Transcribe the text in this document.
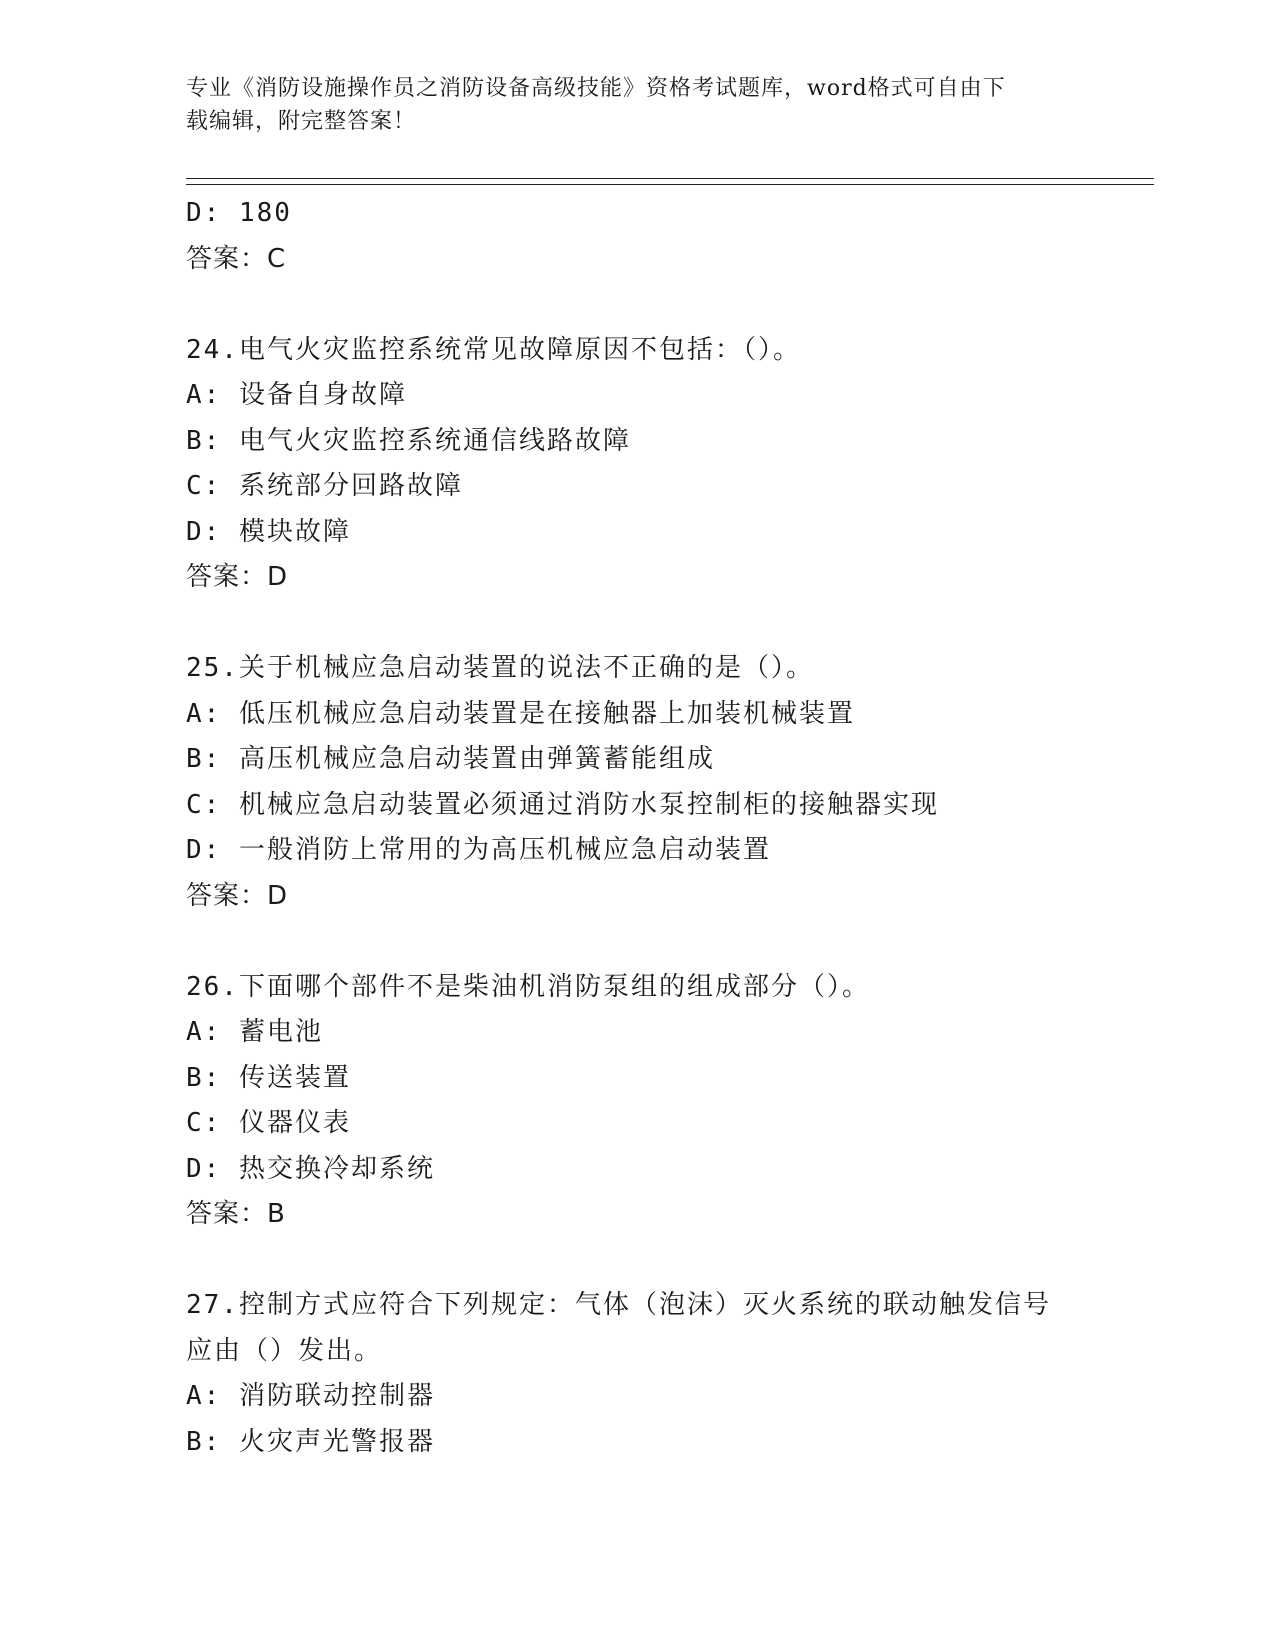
专业《消防设施操作员之消防设备高级技能》资格考试题库，word格式可自由下
载编辑，附完整答案！
D: 180
答案：C
24.电气火灾监控系统常见故障原因不包括：（）。
A: 设备自身故障
B: 电气火灾监控系统通信线路故障
C: 系统部分回路故障
D: 模块故障
答案：D
25.关于机械应急启动装置的说法不正确的是（）。
A: 低压机械应急启动装置是在接触器上加装机械装置
B: 高压机械应急启动装置由弹簧蓄能组成
C: 机械应急启动装置必须通过消防水泵控制柜的接触器实现
D: 一般消防上常用的为高压机械应急启动装置
答案：D
26.下面哪个部件不是柴油机消防泵组的组成部分（）。
A: 蓄电池
B: 传送装置
C: 仪器仪表
D: 热交换冷却系统
答案：B
27.控制方式应符合下列规定：气体（泡沫）灭火系统的联动触发信号
应由（）发出。
A: 消防联动控制器
B: 火灾声光警报器
